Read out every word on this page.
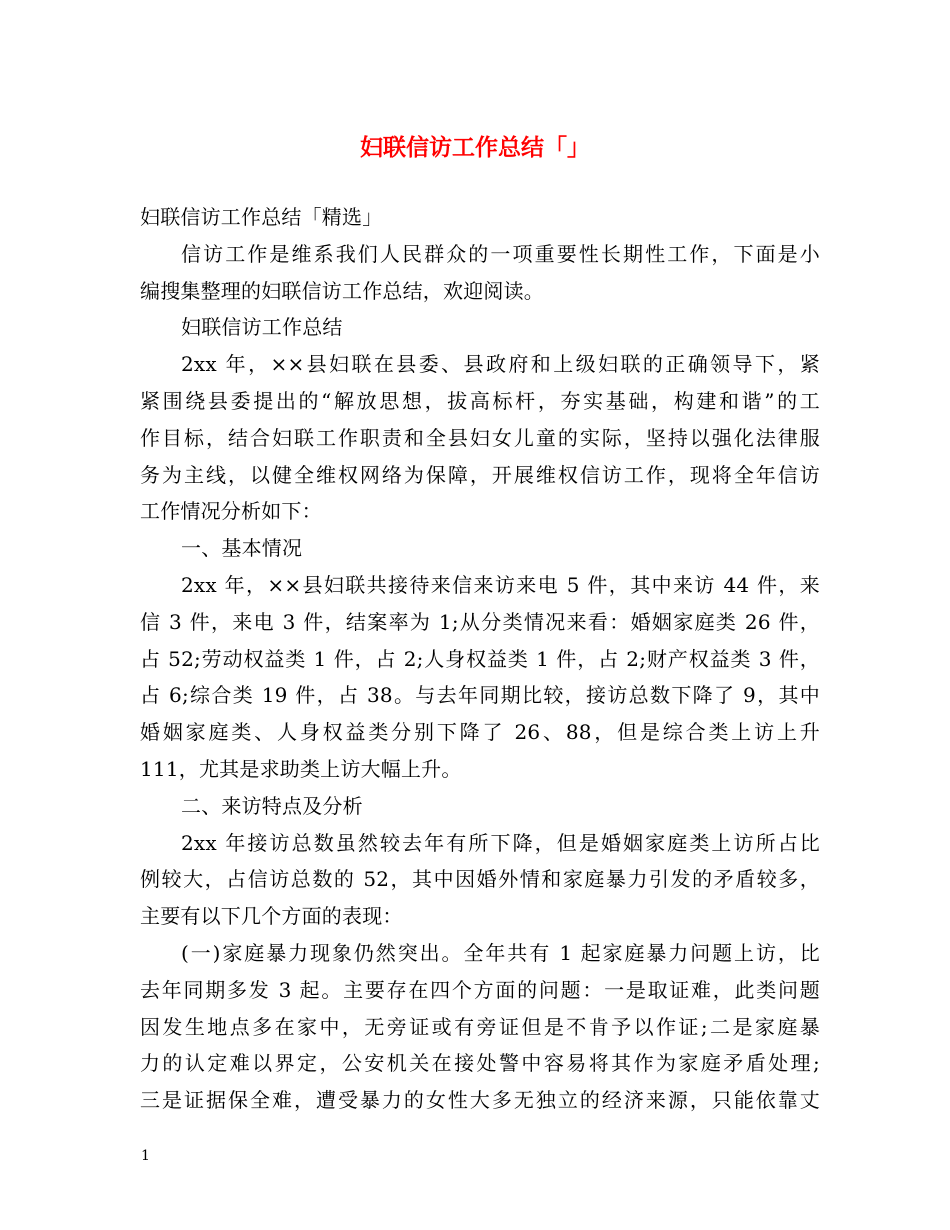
妇联信访工作总结「」
妇联信访工作总结「精选」
信访工作是维系我们人民群众的一项重要性长期性工作，下面是小
编搜集整理的妇联信访工作总结，欢迎阅读。
妇联信访工作总结
2xx 年，××县妇联在县委、县政府和上级妇联的正确领导下，紧
紧围绕县委提出的“解放思想，拔高标杆，夯实基础，构建和谐”的工
作目标，结合妇联工作职责和全县妇女儿童的实际，坚持以强化法律服
务为主线，以健全维权网络为保障，开展维权信访工作，现将全年信访
工作情况分析如下：
一、基本情况
2xx 年，××县妇联共接待来信来访来电 5 件，其中来访 44 件，来
信 3 件，来电 3 件，结案率为 1;从分类情况来看：婚姻家庭类 26 件，
占 52;劳动权益类 1 件，占 2;人身权益类 1 件，占 2;财产权益类 3 件，
占 6;综合类 19 件，占 38。与去年同期比较，接访总数下降了 9，其中
婚姻家庭类、人身权益类分别下降了 26、88，但是综合类上访上升
111，尤其是求助类上访大幅上升。
二、来访特点及分析
2xx 年接访总数虽然较去年有所下降，但是婚姻家庭类上访所占比
例较大，占信访总数的 52，其中因婚外情和家庭暴力引发的矛盾较多，
主要有以下几个方面的表现：
(一)家庭暴力现象仍然突出。全年共有 1 起家庭暴力问题上访，比
去年同期多发 3 起。主要存在四个方面的问题：一是取证难，此类问题
因发生地点多在家中，无旁证或有旁证但是不肯予以作证;二是家庭暴
力的认定难以界定，公安机关在接处警中容易将其作为家庭矛盾处理;
三是证据保全难，遭受暴力的女性大多无独立的经济来源，只能依靠丈
1
